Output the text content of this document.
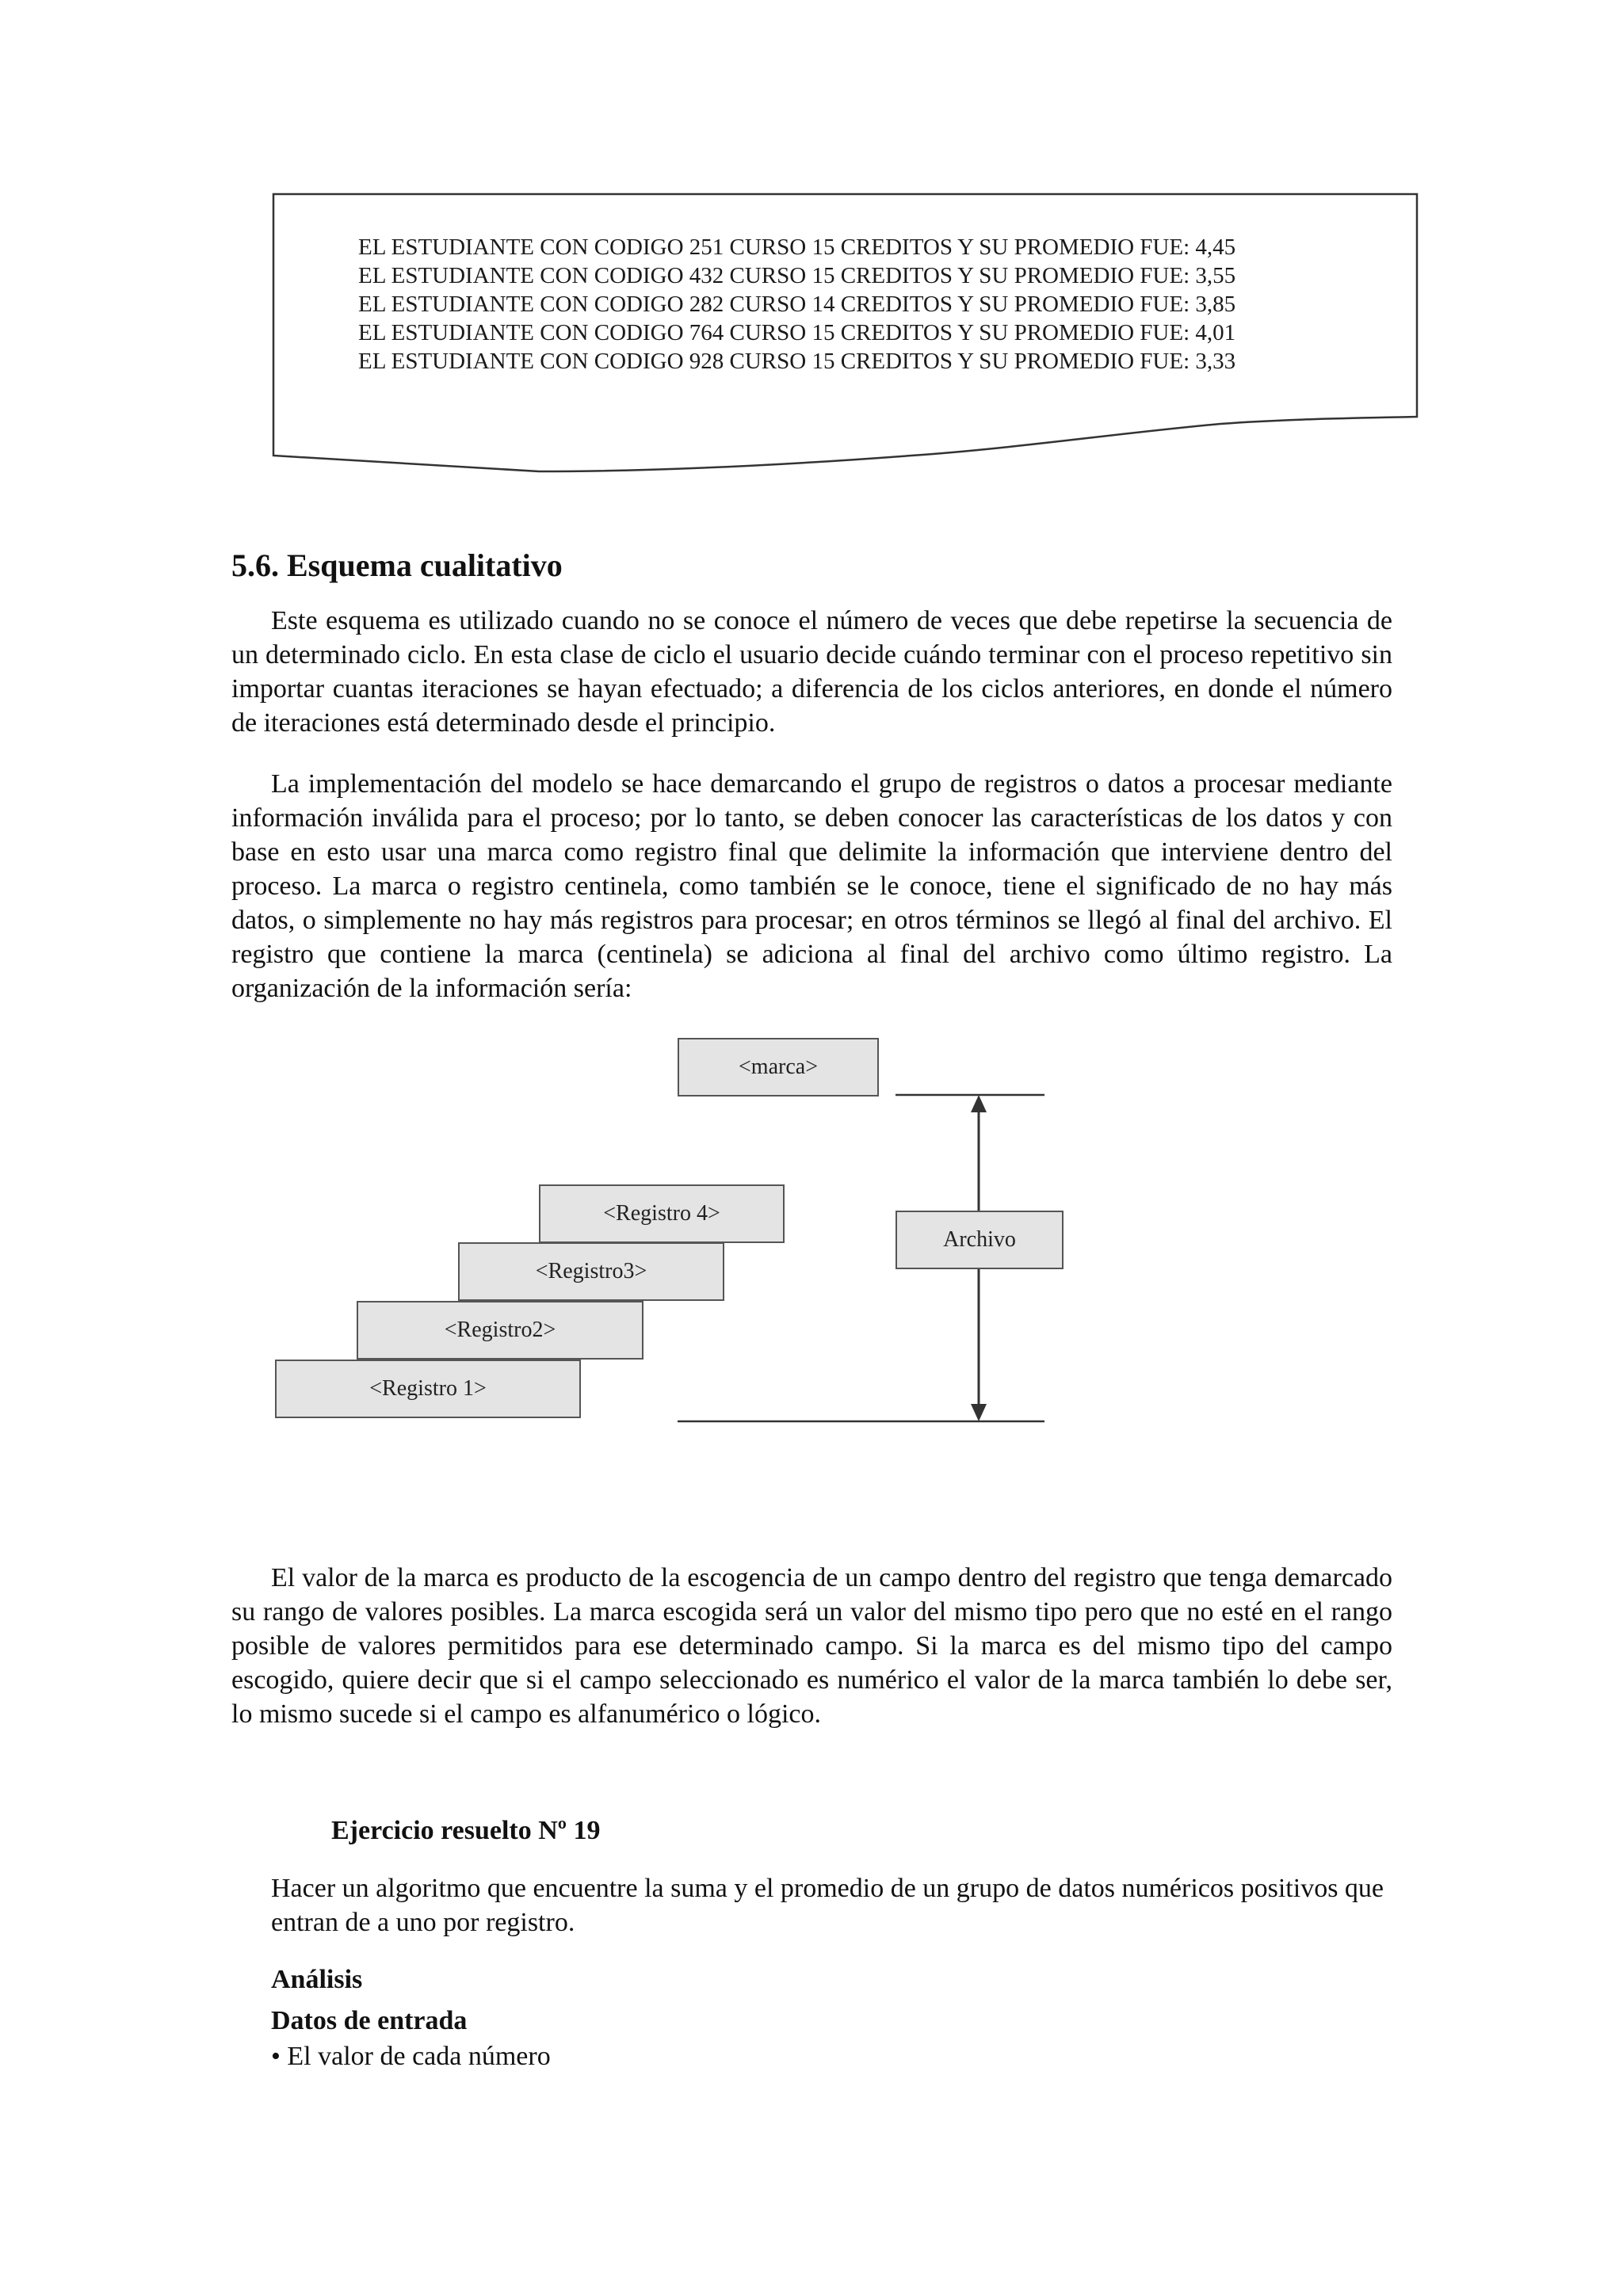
EL ESTUDIANTE CON CODIGO 251 CURSO 15 CREDITOS Y SU PROMEDIO FUE: 4,45
EL ESTUDIANTE CON CODIGO 432 CURSO 15 CREDITOS Y SU PROMEDIO FUE: 3,55
EL ESTUDIANTE CON CODIGO 282 CURSO 14 CREDITOS Y SU PROMEDIO FUE: 3,85
EL ESTUDIANTE CON CODIGO 764 CURSO 15 CREDITOS Y SU PROMEDIO FUE: 4,01
EL ESTUDIANTE CON CODIGO 928 CURSO 15 CREDITOS Y SU PROMEDIO FUE: 3,33
5.6. Esquema cualitativo
Este esquema es utilizado cuando no se conoce el número de veces que debe repetirse la secuencia de un determinado ciclo. En esta clase de ciclo el usuario decide cuándo terminar con el proceso repetitivo sin importar cuantas iteraciones se hayan efectuado; a diferencia de los ciclos anteriores, en donde el número de iteraciones está determinado desde el principio.
La implementación del modelo se hace demarcando el grupo de registros o datos a procesar mediante información inválida para el proceso; por lo tanto, se deben conocer las características de los datos y con base en esto usar una marca como registro final que delimite la información que interviene dentro del proceso. La marca o registro centinela, como también se le conoce, tiene el significado de no hay más datos, o simplemente no hay más registros para procesar; en otros términos se llegó al final del archivo. El registro que contiene la marca (centinela) se adiciona al final del archivo como último registro. La organización de la información sería:
<marca>
<Registro 4>
<Registro3>
<Registro2>
<Registro 1>
Archivo
El valor de la marca es producto de la escogencia de un campo dentro del registro que tenga demarcado su rango de valores posibles. La marca escogida será un valor del mismo tipo pero que no esté en el rango posible de valores permitidos para ese determinado campo. Si la marca es del mismo tipo del campo escogido, quiere decir que si el campo seleccionado es numérico el valor de la marca también lo debe ser, lo mismo sucede si el campo es alfanumérico o lógico.
Ejercicio resuelto Nº 19
Hacer un algoritmo que encuentre la suma y el promedio de un grupo de datos numéricos positivos que entran de a uno por registro.
Análisis
Datos de entrada
• El valor de cada número
